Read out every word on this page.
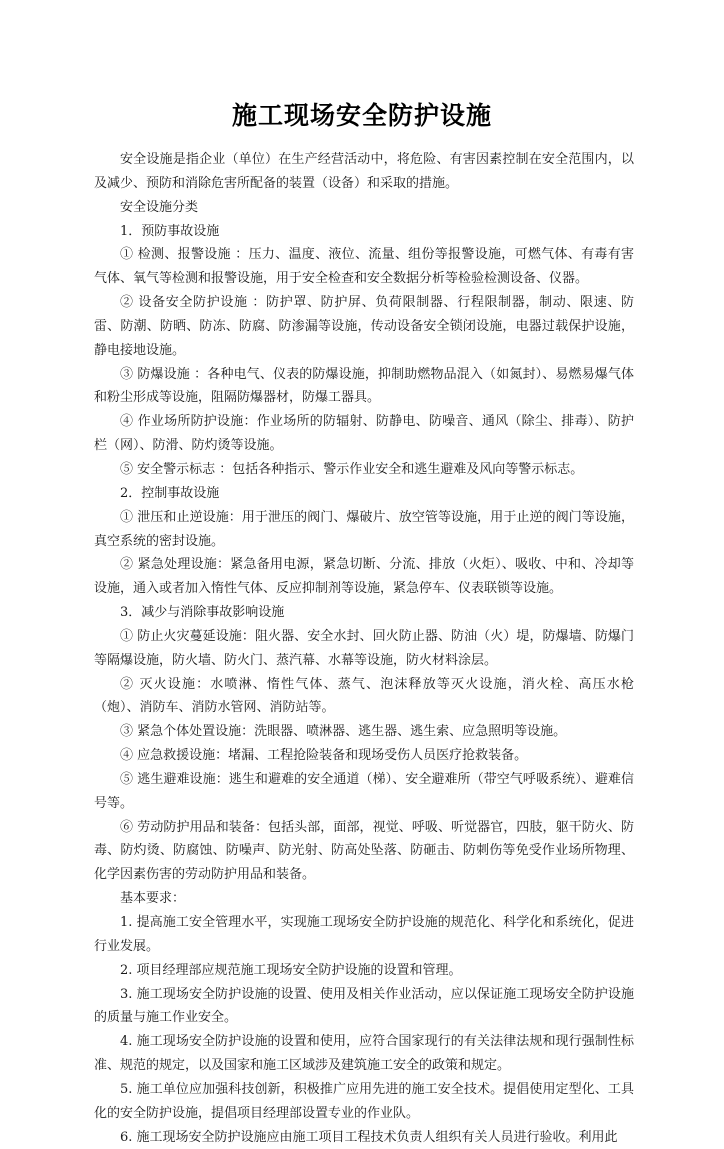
施工现场安全防护设施

安全设施是指企业（单位）在生产经营活动中，将危险、有害因素控制在安全范围内，以及减少、预防和消除危害所配备的装置（设备）和采取的措施。

安全设施分类

1．预防事故设施

① 检测、报警设施 ：压力、温度、液位、流量、组份等报警设施，可燃气体、有毒有害气体、氧气等检测和报警设施，用于安全检查和安全数据分析等检验检测设备、仪器。

② 设备安全防护设施 ：防护罩、防护屏、负荷限制器、行程限制器，制动、限速、防雷、防潮、防晒、防冻、防腐、防渗漏等设施，传动设备安全锁闭设施，电器过载保护设施，静电接地设施。

③ 防爆设施 ：各种电气、仪表的防爆设施，抑制助燃物品混入（如氮封）、易燃易爆气体和粉尘形成等设施，阻隔防爆器材，防爆工器具。

④ 作业场所防护设施：作业场所的防辐射、防静电、防噪音、通风（除尘、排毒）、防护栏（网）、防滑、防灼烫等设施。

⑤ 安全警示标志 ：包括各种指示、警示作业安全和逃生避难及风向等警示标志。

2．控制事故设施

① 泄压和止逆设施：用于泄压的阀门、爆破片、放空管等设施，用于止逆的阀门等设施，真空系统的密封设施。

② 紧急处理设施：紧急备用电源，紧急切断、分流、排放（火炬）、吸收、中和、冷却等设施，通入或者加入惰性气体、反应抑制剂等设施，紧急停车、仪表联锁等设施。

3．减少与消除事故影响设施

① 防止火灾蔓延设施：阻火器、安全水封、回火防止器、防油（火）堤，防爆墙、防爆门等隔爆设施，防火墙、防火门、蒸汽幕、水幕等设施，防火材料涂层。

② 灭火设施：水喷淋、惰性气体、蒸气、泡沫释放等灭火设施，消火栓、高压水枪（炮）、消防车、消防水管网、消防站等。

③ 紧急个体处置设施：洗眼器、喷淋器、逃生器、逃生索、应急照明等设施。

④ 应急救援设施：堵漏、工程抢险装备和现场受伤人员医疗抢救装备。

⑤ 逃生避难设施：逃生和避难的安全通道（梯）、安全避难所（带空气呼吸系统）、避难信号等。

⑥ 劳动防护用品和装备：包括头部，面部，视觉、呼吸、听觉器官，四肢，躯干防火、防毒、防灼烫、防腐蚀、防噪声、防光射、防高处坠落、防砸击、防刺伤等免受作业场所物理、化学因素伤害的劳动防护用品和装备。

基本要求：

1. 提高施工安全管理水平，实现施工现场安全防护设施的规范化、科学化和系统化，促进行业发展。

2. 项目经理部应规范施工现场安全防护设施的设置和管理。

3. 施工现场安全防护设施的设置、使用及相关作业活动，应以保证施工现场安全防护设施的质量与施工作业安全。

4. 施工现场安全防护设施的设置和使用，应符合国家现行的有关法律法规和现行强制性标准、规范的规定，以及国家和施工区域涉及建筑施工安全的政策和规定。

5. 施工单位应加强科技创新，积极推广应用先进的施工安全技术。提倡使用定型化、工具化的安全防护设施，提倡项目经理部设置专业的作业队。

6. 施工现场安全防护设施应由施工项目工程技术负责人组织有关人员进行验收。利用此
